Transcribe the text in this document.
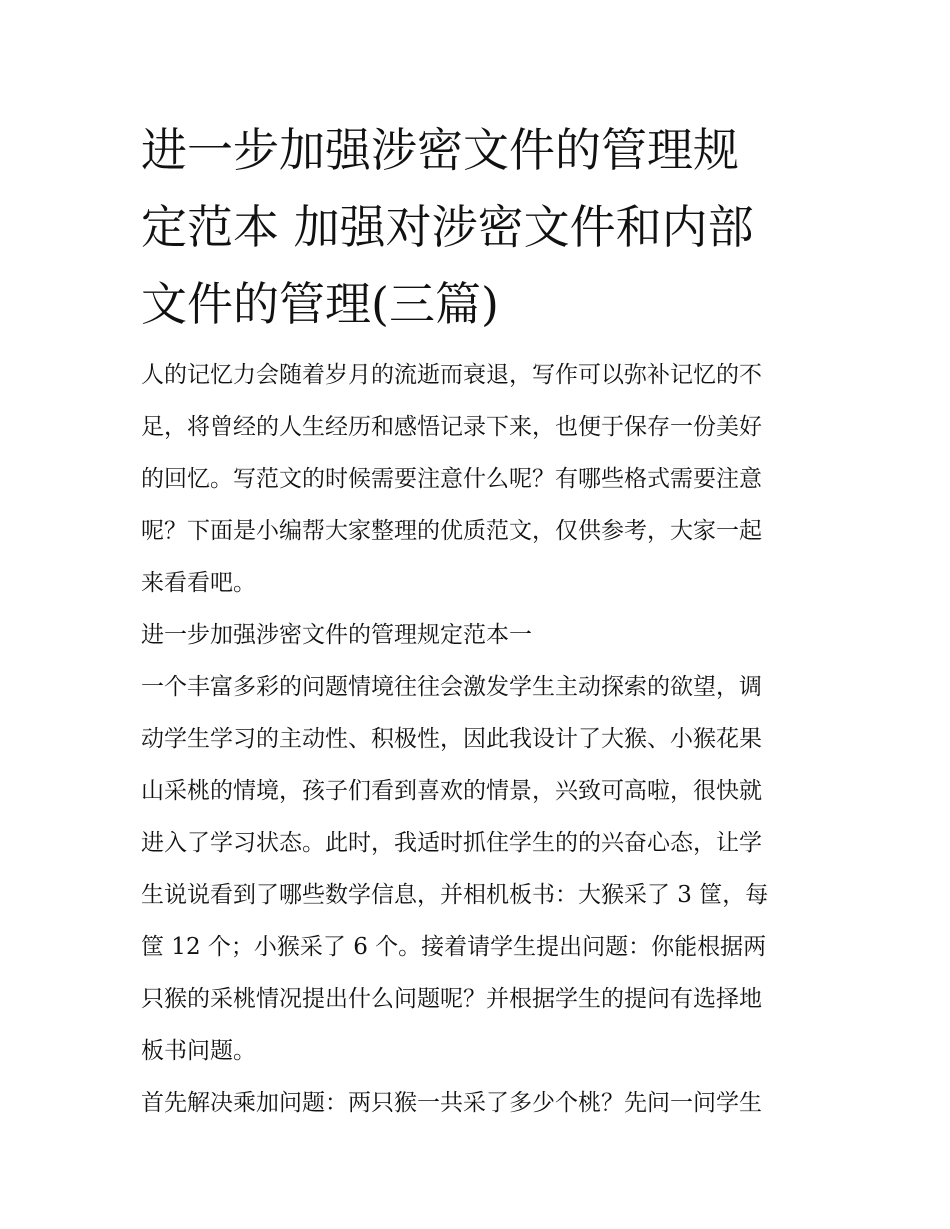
进一步加强涉密文件的管理规
定范本 加强对涉密文件和内部
文件的管理(三篇)

人的记忆力会随着岁月的流逝而衰退，写作可以弥补记忆的不
足，将曾经的人生经历和感悟记录下来，也便于保存一份美好
的回忆。写范文的时候需要注意什么呢？有哪些格式需要注意
呢？下面是小编帮大家整理的优质范文，仅供参考，大家一起
来看看吧。

进一步加强涉密文件的管理规定范本一

一个丰富多彩的问题情境往往会激发学生主动探索的欲望，调
动学生学习的主动性、积极性，因此我设计了大猴、小猴花果
山采桃的情境，孩子们看到喜欢的情景，兴致可高啦，很快就
进入了学习状态。此时，我适时抓住学生的的兴奋心态，让学
生说说看到了哪些数学信息，并相机板书：大猴采了 3 筐，每
筐 12 个；小猴采了 6 个。接着请学生提出问题：你能根据两
只猴的采桃情况提出什么问题呢？并根据学生的提问有选择地
板书问题。

首先解决乘加问题：两只猴一共采了多少个桃？先问一问学生
